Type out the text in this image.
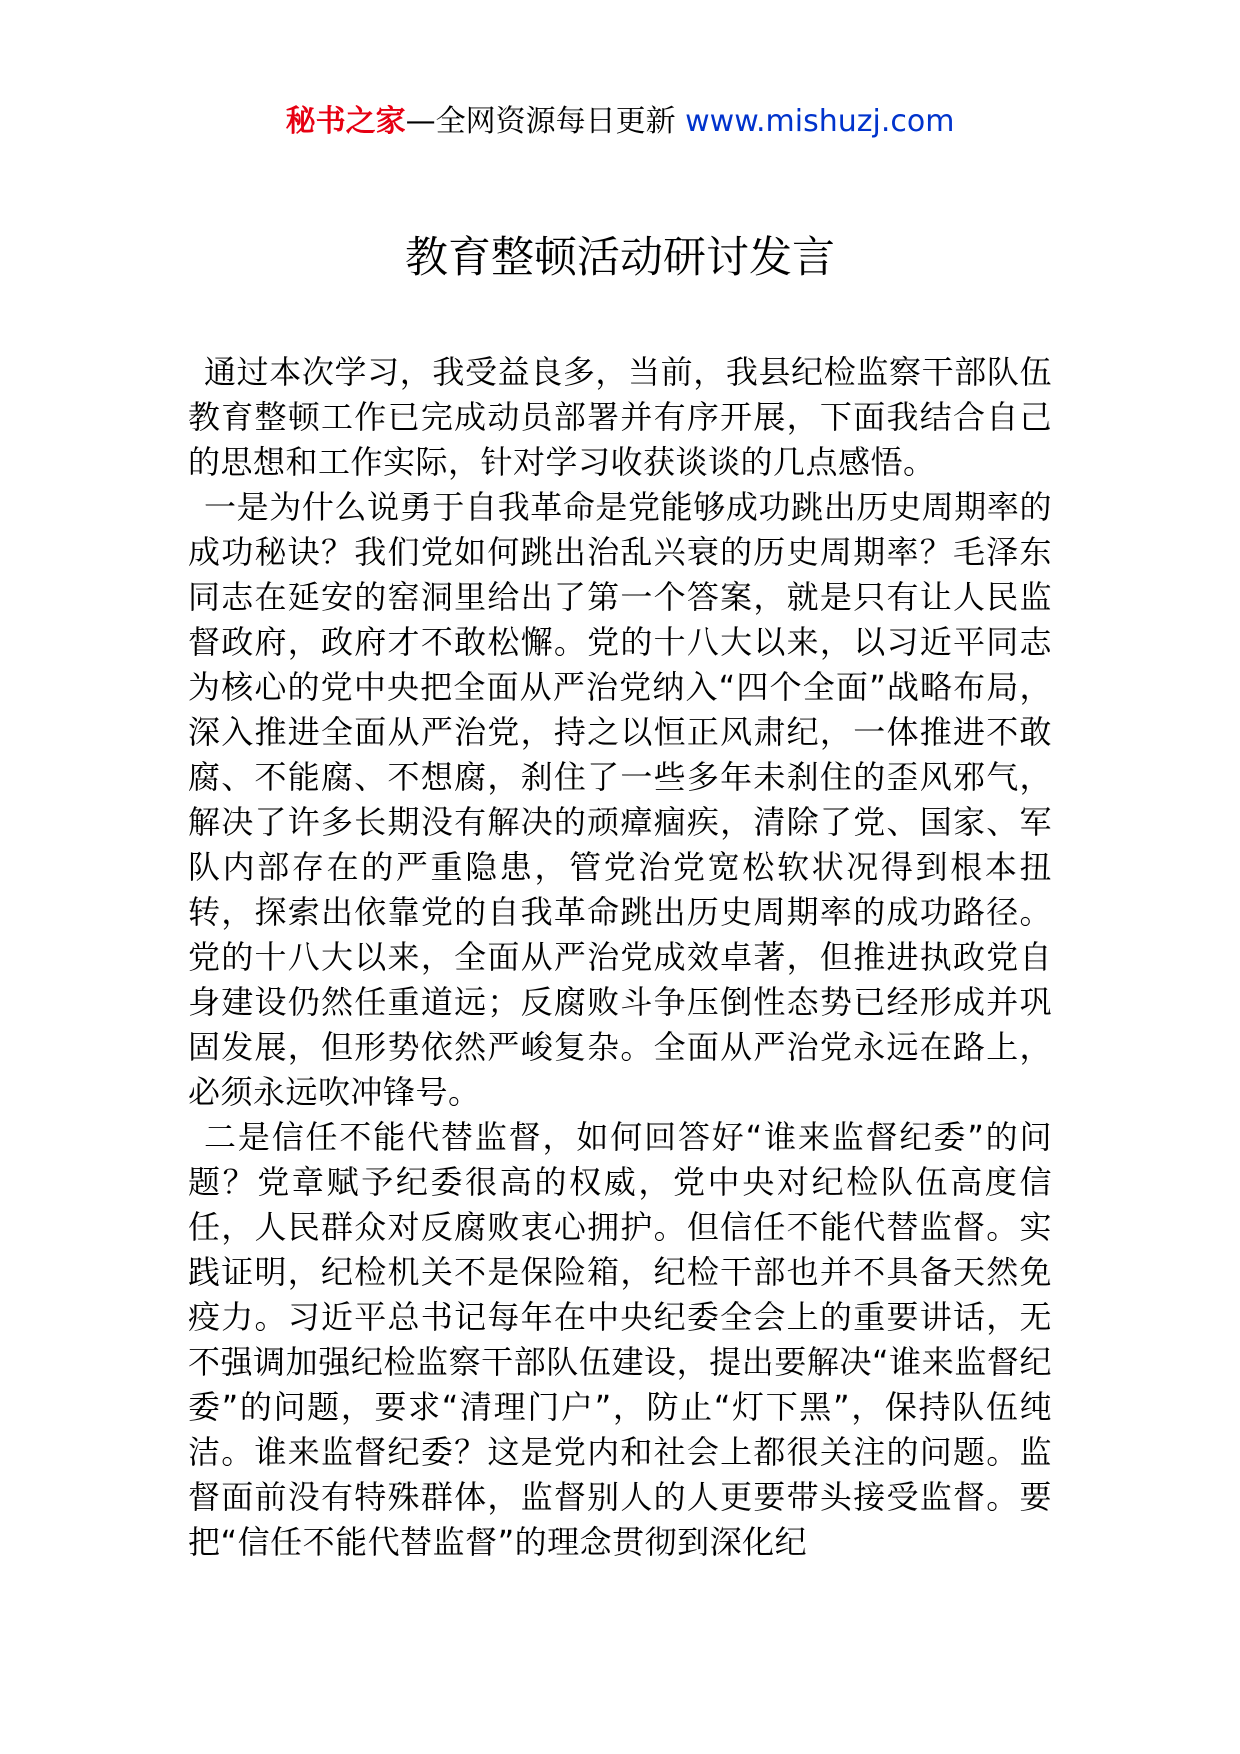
秘书之家—全网资源每日更新 www.mishuzj.com
教育整顿活动研讨发言

通过本次学习，我受益良多，当前，我县纪检监察干部队伍教育整顿工作已完成动员部署并有序开展，下面我结合自己的思想和工作实际，针对学习收获谈谈的几点感悟。

一是为什么说勇于自我革命是党能够成功跳出历史周期率的成功秘诀？我们党如何跳出治乱兴衰的历史周期率？毛泽东同志在延安的窑洞里给出了第一个答案，就是只有让人民监督政府，政府才不敢松懈。党的十八大以来，以习近平同志为核心的党中央把全面从严治党纳入“四个全面”战略布局，深入推进全面从严治党，持之以恒正风肃纪，一体推进不敢腐、不能腐、不想腐，刹住了一些多年未刹住的歪风邪气，解决了许多长期没有解决的顽瘴痼疾，清除了党、国家、军队内部存在的严重隐患，管党治党宽松软状况得到根本扭转，探索出依靠党的自我革命跳出历史周期率的成功路径。党的十八大以来，全面从严治党成效卓著，但推进执政党自身建设仍然任重道远；反腐败斗争压倒性态势已经形成并巩固发展，但形势依然严峻复杂。全面从严治党永远在路上，必须永远吹冲锋号。

二是信任不能代替监督，如何回答好“谁来监督纪委”的问题？党章赋予纪委很高的权威，党中央对纪检队伍高度信任，人民群众对反腐败衷心拥护。但信任不能代替监督。实践证明，纪检机关不是保险箱，纪检干部也并不具备天然免疫力。习近平总书记每年在中央纪委全会上的重要讲话，无不强调加强纪检监察干部队伍建设，提出要解决“谁来监督纪委”的问题，要求“清理门户”，防止“灯下黑”，保持队伍纯洁。谁来监督纪委？这是党内和社会上都很关注的问题。监督面前没有特殊群体，监督别人的人更要带头接受监督。要把“信任不能代替监督”的理念贯彻到深化纪
